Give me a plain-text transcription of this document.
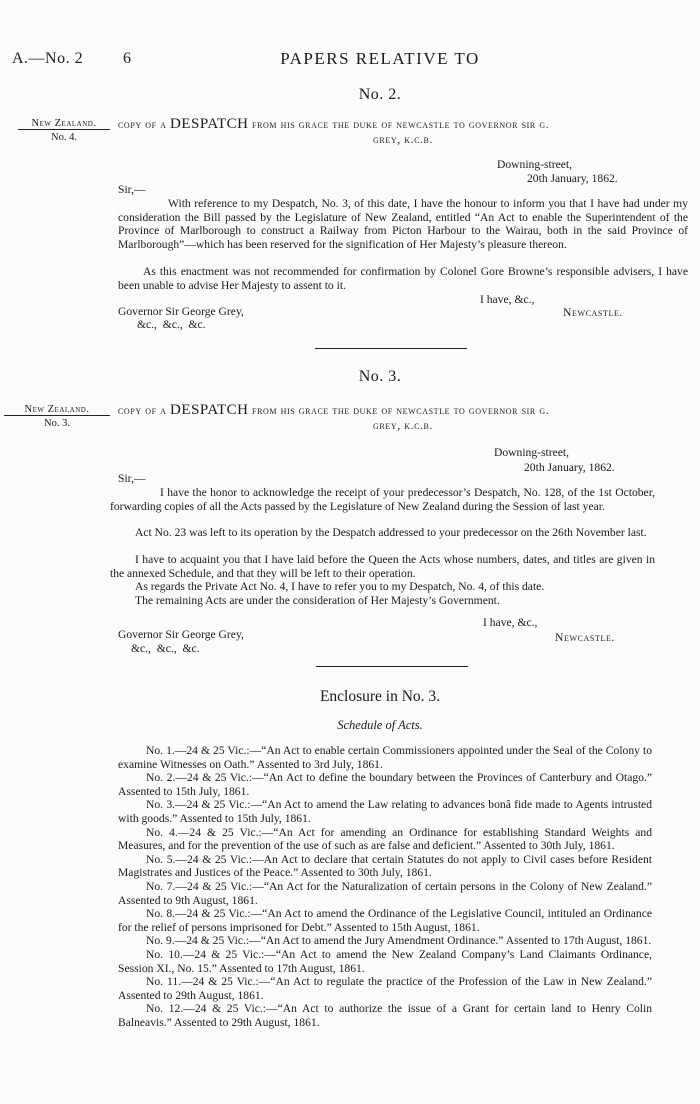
A.—No. 2 6	PAPERS RELATIVE TO
No. 2.
New Zealand.
No. 4.
copy of a DESPATCH from his grace the duke of newcastle to governor sir g.
grey, k.c.b.
Downing-street,
20th January, 1862.
Sir,—
With reference to my Despatch, No. 3, of this date, I have the honour to inform you that I have had under my consideration the Bill passed by the Legislature of New Zealand, entitled “An Act to enable the Superintendent of the Province of Marlborough to construct a Railway from Picton Harbour to the Wairau, both in the said Province of Marlborough”—which has been reserved for the signification of Her Majesty’s pleasure thereon.
As this enactment was not recommended for confirmation by Colonel Gore Browne’s responsible advisers, I have been unable to advise Her Majesty to assent to it.
I have, &c.,
Governor Sir George Grey,
&c.,  &c.,  &c.
Newcastle.
No. 3.
New Zealand.
No. 3.
copy of a DESPATCH from his grace the duke of newcastle to governor sir g.
grey, k.c.b.
Downing-street,
20th January, 1862.
Sir,—
I have the honor to acknowledge the receipt of your predecessor’s Despatch, No. 128, of the 1st October, forwarding copies of all the Acts passed by the Legislature of New Zealand during the Session of last year.
Act No. 23 was left to its operation by the Despatch addressed to your predecessor on the 26th November last.
I have to acquaint you that I have laid before the Queen the Acts whose numbers, dates, and titles are given in the annexed Schedule, and that they will be left to their operation.
As regards the Private Act No. 4, I have to refer you to my Despatch, No. 4, of this date.
The remaining Acts are under the consideration of Her Majesty’s Government.
I have, &c.,
Governor Sir George Grey,
&c.,  &c.,  &c.
Newcastle.
Enclosure in No. 3.
Schedule of Acts.

No. 1.—24 & 25 Vic.:—“An Act to enable certain Commissioners appointed under the Seal of the Colony to examine Witnesses on Oath.” Assented to 3rd July, 1861.

No. 2.—24 & 25 Vic.:—“An Act to define the boundary between the Provinces of Canterbury and Otago.” Assented to 15th July, 1861.

No. 3.—24 & 25 Vic.:—“An Act to amend the Law relating to advances bonâ fide made to Agents intrusted with goods.” Assented to 15th July, 1861.

No. 4.—24 & 25 Vic.:—“An Act for amending an Ordinance for establishing Standard Weights and Measures, and for the prevention of the use of such as are false and deficient.” Assented to 30th July, 1861.

No. 5.—24 & 25 Vic.:—An Act to declare that certain Statutes do not apply to Civil cases before Resident Magistrates and Justices of the Peace.” Assented to 30th July, 1861.

No. 7.—24 & 25 Vic.:—“An Act for the Naturalization of certain persons in the Colony of New Zealand.” Assented to 9th August, 1861.

No. 8.—24 & 25 Vic.:—“An Act to amend the Ordinance of the Legislative Council, intituled an Ordinance for the relief of persons imprisoned for Debt.” Assented to 15th August, 1861.

No. 9.—24 & 25 Vic.:—“An Act to amend the Jury Amendment Ordinance.” Assented to 17th August, 1861.

No. 10.—24 & 25 Vic.:—“An Act to amend the New Zealand Company’s Land Claimants Ordinance, Session XI., No. 15.” Assented to 17th August, 1861.

No. 11.—24 & 25 Vic.:—“An Act to regulate the practice of the Profession of the Law in New Zealand.” Assented to 29th August, 1861.

No. 12.—24 & 25 Vic.:—“An Act to authorize the issue of a Grant for certain land to Henry Colin Balneavis.” Assented to 29th August, 1861.
